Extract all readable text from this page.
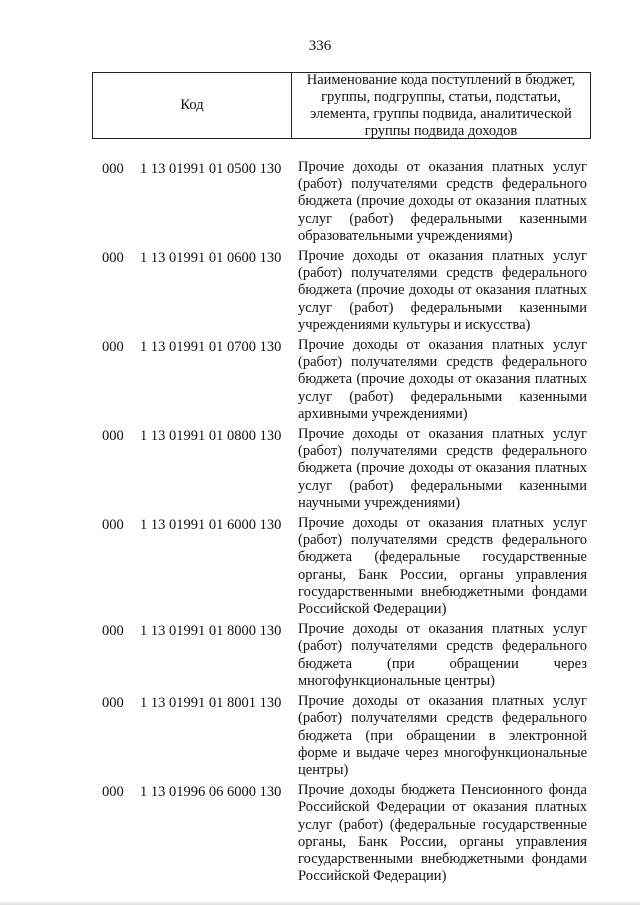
336
Код
Наименование кода поступлений в бюджет,
группы, подгруппы, статьи, подстатьи,
элемента, группы подвида, аналитической
группы подвида доходов
000 1 13 01991 01 0500 130 Прочие доходы от оказания платных услуг
(работ) получателями средств федерального
бюджета (прочие доходы от оказания платных
услуг (работ) федеральными казенными
образовательными учреждениями)
000 1 13 01991 01 0600 130 Прочие доходы от оказания платных услуг
(работ) получателями средств федерального
бюджета (прочие доходы от оказания платных
услуг (работ) федеральными казенными
учреждениями культуры и искусства)
000 1 13 01991 01 0700 130 Прочие доходы от оказания платных услуг
(работ) получателями средств федерального
бюджета (прочие доходы от оказания платных
услуг (работ) федеральными казенными
архивными учреждениями)
000 1 13 01991 01 0800 130 Прочие доходы от оказания платных услуг
(работ) получателями средств федерального
бюджета (прочие доходы от оказания платных
услуг (работ) федеральными казенными
научными учреждениями)
000 1 13 01991 01 6000 130 Прочие доходы от оказания платных услуг
(работ) получателями средств федерального
бюджета (федеральные государственные
органы, Банк России, органы управления
государственными внебюджетными фондами
Российской Федерации)
000 1 13 01991 01 8000 130 Прочие доходы от оказания платных услуг
(работ) получателями средств федерального
бюджета (при обращении через
многофункциональные центры)
000 1 13 01991 01 8001 130 Прочие доходы от оказания платных услуг
(работ) получателями средств федерального
бюджета (при обращении в электронной
форме и выдаче через многофункциональные
центры)
000 1 13 01996 06 6000 130 Прочие доходы бюджета Пенсионного фонда
Российской Федерации от оказания платных
услуг (работ) (федеральные государственные
органы, Банк России, органы управления
государственными внебюджетными фондами
Российской Федерации)
